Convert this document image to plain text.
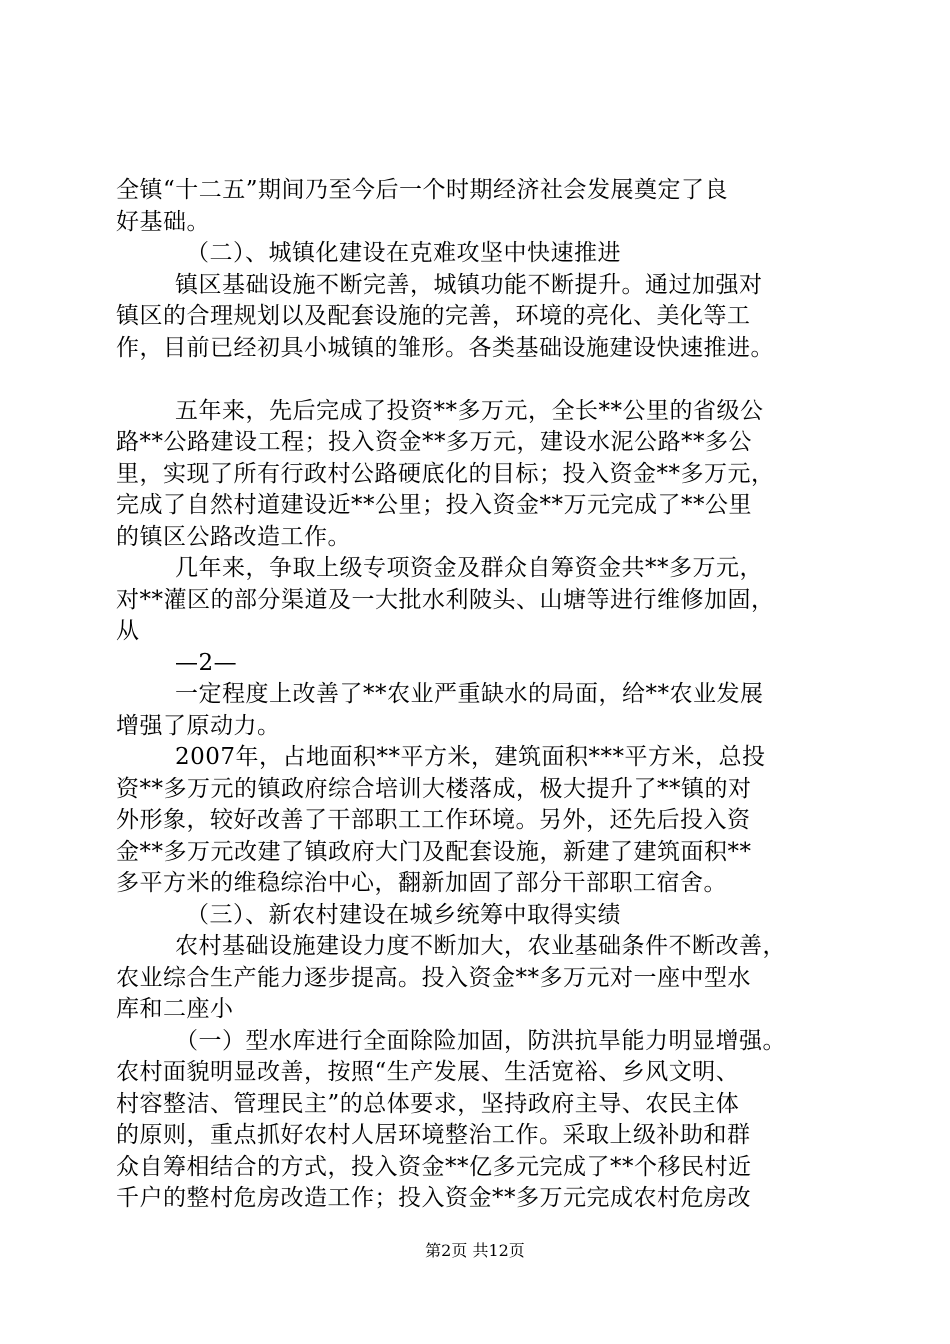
全镇“十二五”期间乃至今后一个时期经济社会发展奠定了良
好基础。
（二）、城镇化建设在克难攻坚中快速推进
镇区基础设施不断完善，城镇功能不断提升。通过加强对
镇区的合理规划以及配套设施的完善，环境的亮化、美化等工
作，目前已经初具小城镇的雏形。各类基础设施建设快速推进。
五年来，先后完成了投资**多万元，全长**公里的省级公
路**公路建设工程；投入资金**多万元，建设水泥公路**多公
里，实现了所有行政村公路硬底化的目标；投入资金**多万元，
完成了自然村道建设近**公里；投入资金**万元完成了**公里
的镇区公路改造工作。
几年来，争取上级专项资金及群众自筹资金共**多万元，
对**灌区的部分渠道及一大批水利陂头、山塘等进行维修加固，
从
—2—
一定程度上改善了**农业严重缺水的局面，给**农业发展
增强了原动力。
2007年，占地面积**平方米，建筑面积***平方米，总投
资**多万元的镇政府综合培训大楼落成，极大提升了**镇的对
外形象，较好改善了干部职工工作环境。另外，还先后投入资
金**多万元改建了镇政府大门及配套设施，新建了建筑面积**
多平方米的维稳综治中心，翻新加固了部分干部职工宿舍。
（三）、新农村建设在城乡统筹中取得实绩
农村基础设施建设力度不断加大，农业基础条件不断改善，
农业综合生产能力逐步提高。投入资金**多万元对一座中型水
库和二座小
（一）型水库进行全面除险加固，防洪抗旱能力明显增强。
农村面貌明显改善，按照“生产发展、生活宽裕、乡风文明、
村容整洁、管理民主”的总体要求，坚持政府主导、农民主体
的原则，重点抓好农村人居环境整治工作。采取上级补助和群
众自筹相结合的方式，投入资金**亿多元完成了**个移民村近
千户的整村危房改造工作；投入资金**多万元完成农村危房改
第2页 共12页
